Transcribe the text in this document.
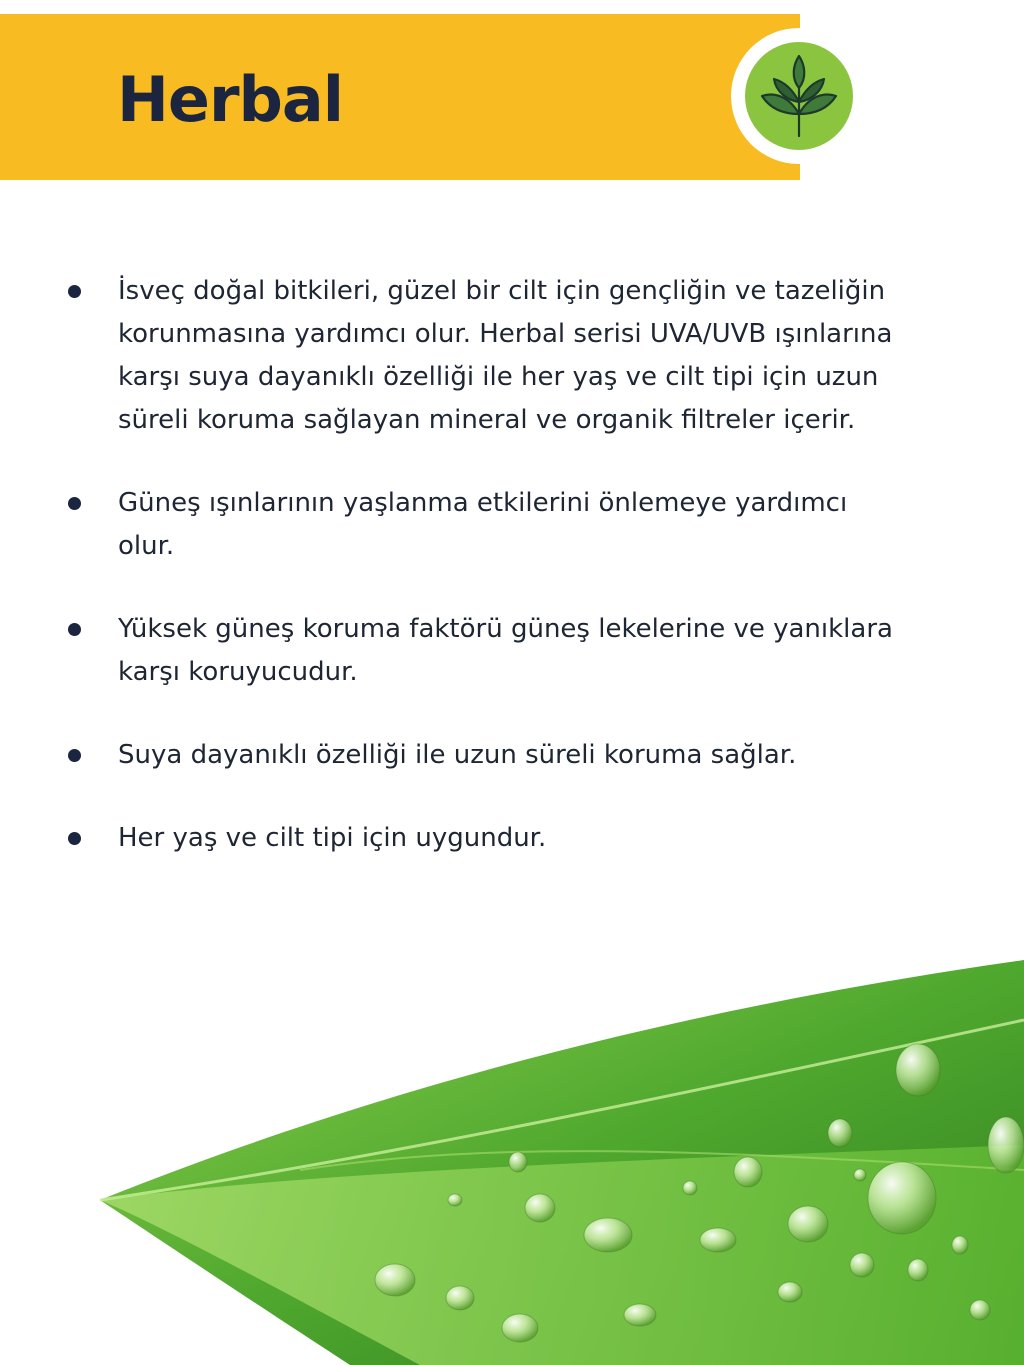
Herbal
İsveç doğal bitkileri, güzel bir cilt için gençliğin ve tazeliğin korunmasına yardımcı olur. Herbal serisi UVA/UVB ışınlarına karşı suya dayanıklı özelliği ile her yaş ve cilt tipi için uzun süreli koruma sağlayan mineral ve organik filtreler içerir.
Güneş ışınlarının yaşlanma etkilerini önlemeye yardımcı olur.
Yüksek güneş koruma faktörü güneş lekelerine ve yanıklara karşı koruyucudur.
Suya dayanıklı özelliği ile uzun süreli koruma sağlar.
Her yaş ve cilt tipi için uygundur.
